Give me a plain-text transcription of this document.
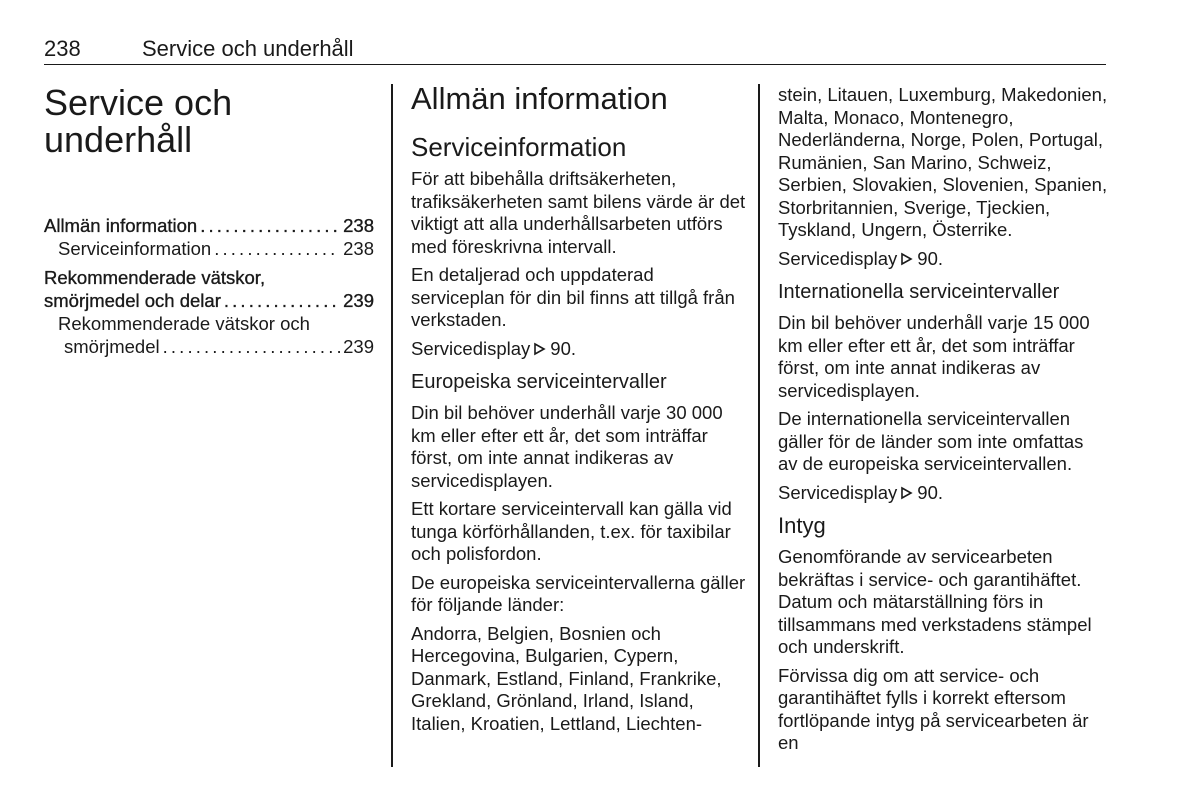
238	Service och underhåll
Service och
underhåll
Allmän information . . .	238
Serviceinformation . . .	238
Rekommenderade vätskor,
smörjmedel och delar . . .	239
Rekommenderade vätskor och
smörjmedel . . .	239
Allmän information
Serviceinformation

För att bibehålla driftsäkerheten, trafiksäkerheten samt bilens värde är det viktigt att alla underhållsarbeten utförs med föreskrivna intervall.

En detaljerad och uppdaterad serviceplan för din bil finns att tillgå från verkstaden.

Servicedisplay 90.

Europeiska serviceintervaller

Din bil behöver underhåll varje 30 000 km eller efter ett år, det som inträffar först, om inte annat indikeras av servicedisplayen.

Ett kortare serviceintervall kan gälla vid tunga körförhållanden, t.ex. för taxibilar och polisfordon.

De europeiska serviceintervallerna gäller för följande länder:

Andorra, Belgien, Bosnien och Hercegovina, Bulgarien, Cypern, Danmark, Estland, Finland, Frankrike, Grekland, Grönland, Irland, Island, Italien, Kroatien, Lettland, Liechten-

stein, Litauen, Luxemburg, Makedonien, Malta, Monaco, Montenegro, Nederländerna, Norge, Polen, Portugal, Rumänien, San Marino, Schweiz, Serbien, Slovakien, Slovenien, Spanien, Storbritannien, Sverige, Tjeckien, Tyskland, Ungern, Österrike.

Servicedisplay 90.

Internationella serviceintervaller

Din bil behöver underhåll varje 15 000 km eller efter ett år, det som inträffar först, om inte annat indikeras av servicedisplayen.

De internationella serviceintervallen gäller för de länder som inte omfattas av de europeiska serviceintervallen.

Servicedisplay 90.

Intyg

Genomförande av servicearbeten bekräftas i service- och garantihäftet. Datum och mätarställning förs in tillsammans med verkstadens stämpel och underskrift.

Förvissa dig om att service- och garantihäftet fylls i korrekt eftersom fortlöpande intyg på servicearbeten är en
